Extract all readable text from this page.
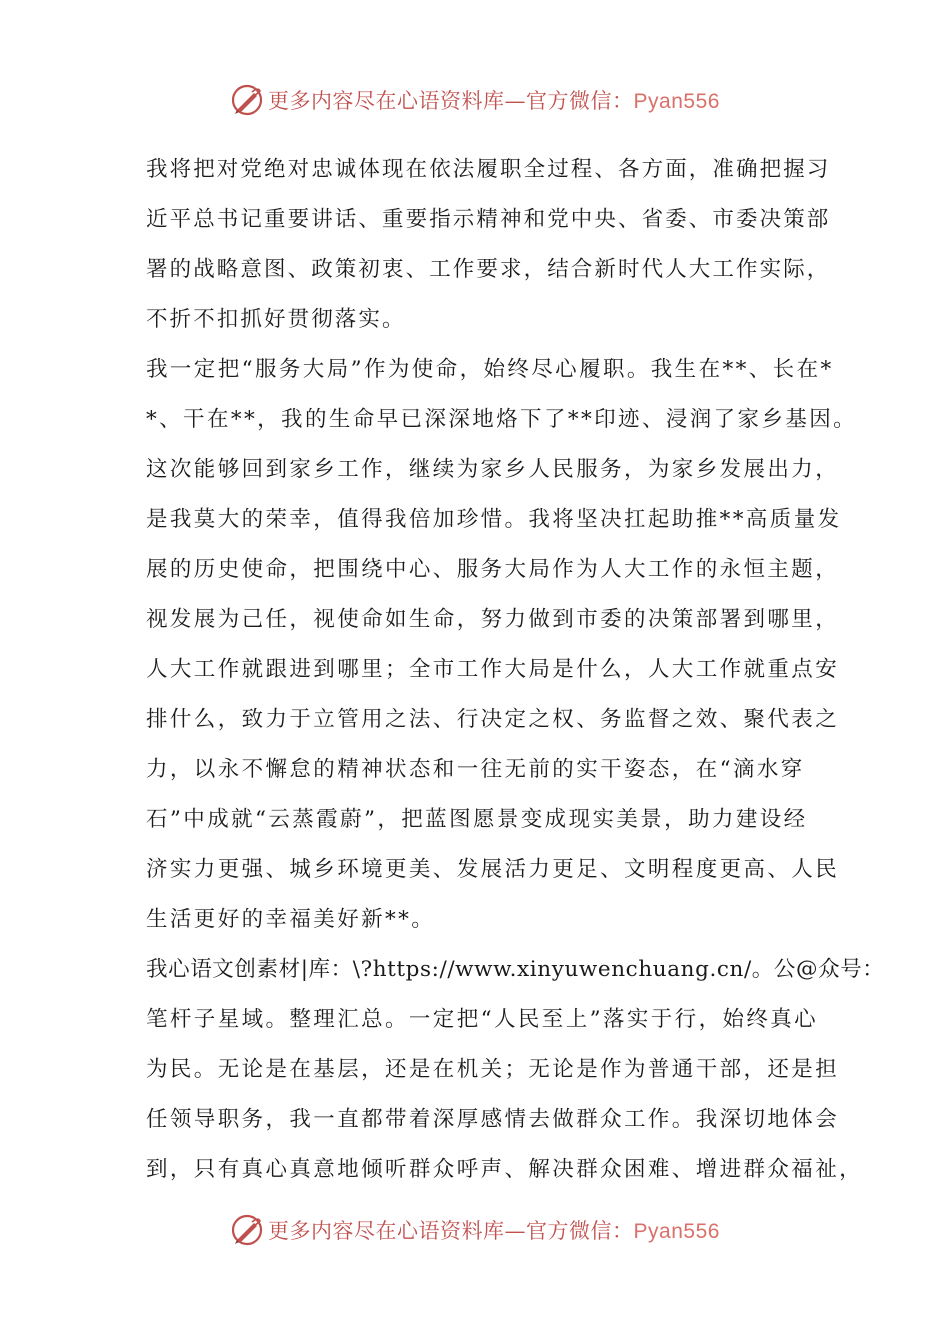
更多内容尽在心语资料库—官方微信：Pyan556
我将把对党绝对忠诚体现在依法履职全过程、各方面，准确把握习
近平总书记重要讲话、重要指示精神和党中央、省委、市委决策部
署的战略意图、政策初衷、工作要求，结合新时代人大工作实际，
不折不扣抓好贯彻落实。
我一定把“服务大局”作为使命，始终尽心履职。我生在**、长在*
*、干在**，我的生命早已深深地烙下了**印迹、浸润了家乡基因。
这次能够回到家乡工作，继续为家乡人民服务，为家乡发展出力，
是我莫大的荣幸，值得我倍加珍惜。我将坚决扛起助推**高质量发
展的历史使命，把围绕中心、服务大局作为人大工作的永恒主题，
视发展为己任，视使命如生命，努力做到市委的决策部署到哪里，
人大工作就跟进到哪里；全市工作大局是什么，人大工作就重点安
排什么，致力于立管用之法、行决定之权、务监督之效、聚代表之
力，以永不懈怠的精神状态和一往无前的实干姿态，在“滴水穿
石”中成就“云蒸霞蔚”，把蓝图愿景变成现实美景，助力建设经
济实力更强、城乡环境更美、发展活力更足、文明程度更高、人民
生活更好的幸福美好新**。
我心语文创素材|库：\?https://www.xinyuwenchuang.cn/。公@众号：
笔杆子星域。整理汇总。一定把“人民至上”落实于行，始终真心
为民。无论是在基层，还是在机关；无论是作为普通干部，还是担
任领导职务，我一直都带着深厚感情去做群众工作。我深切地体会
到，只有真心真意地倾听群众呼声、解决群众困难、增进群众福祉，
更多内容尽在心语资料库—官方微信：Pyan556
